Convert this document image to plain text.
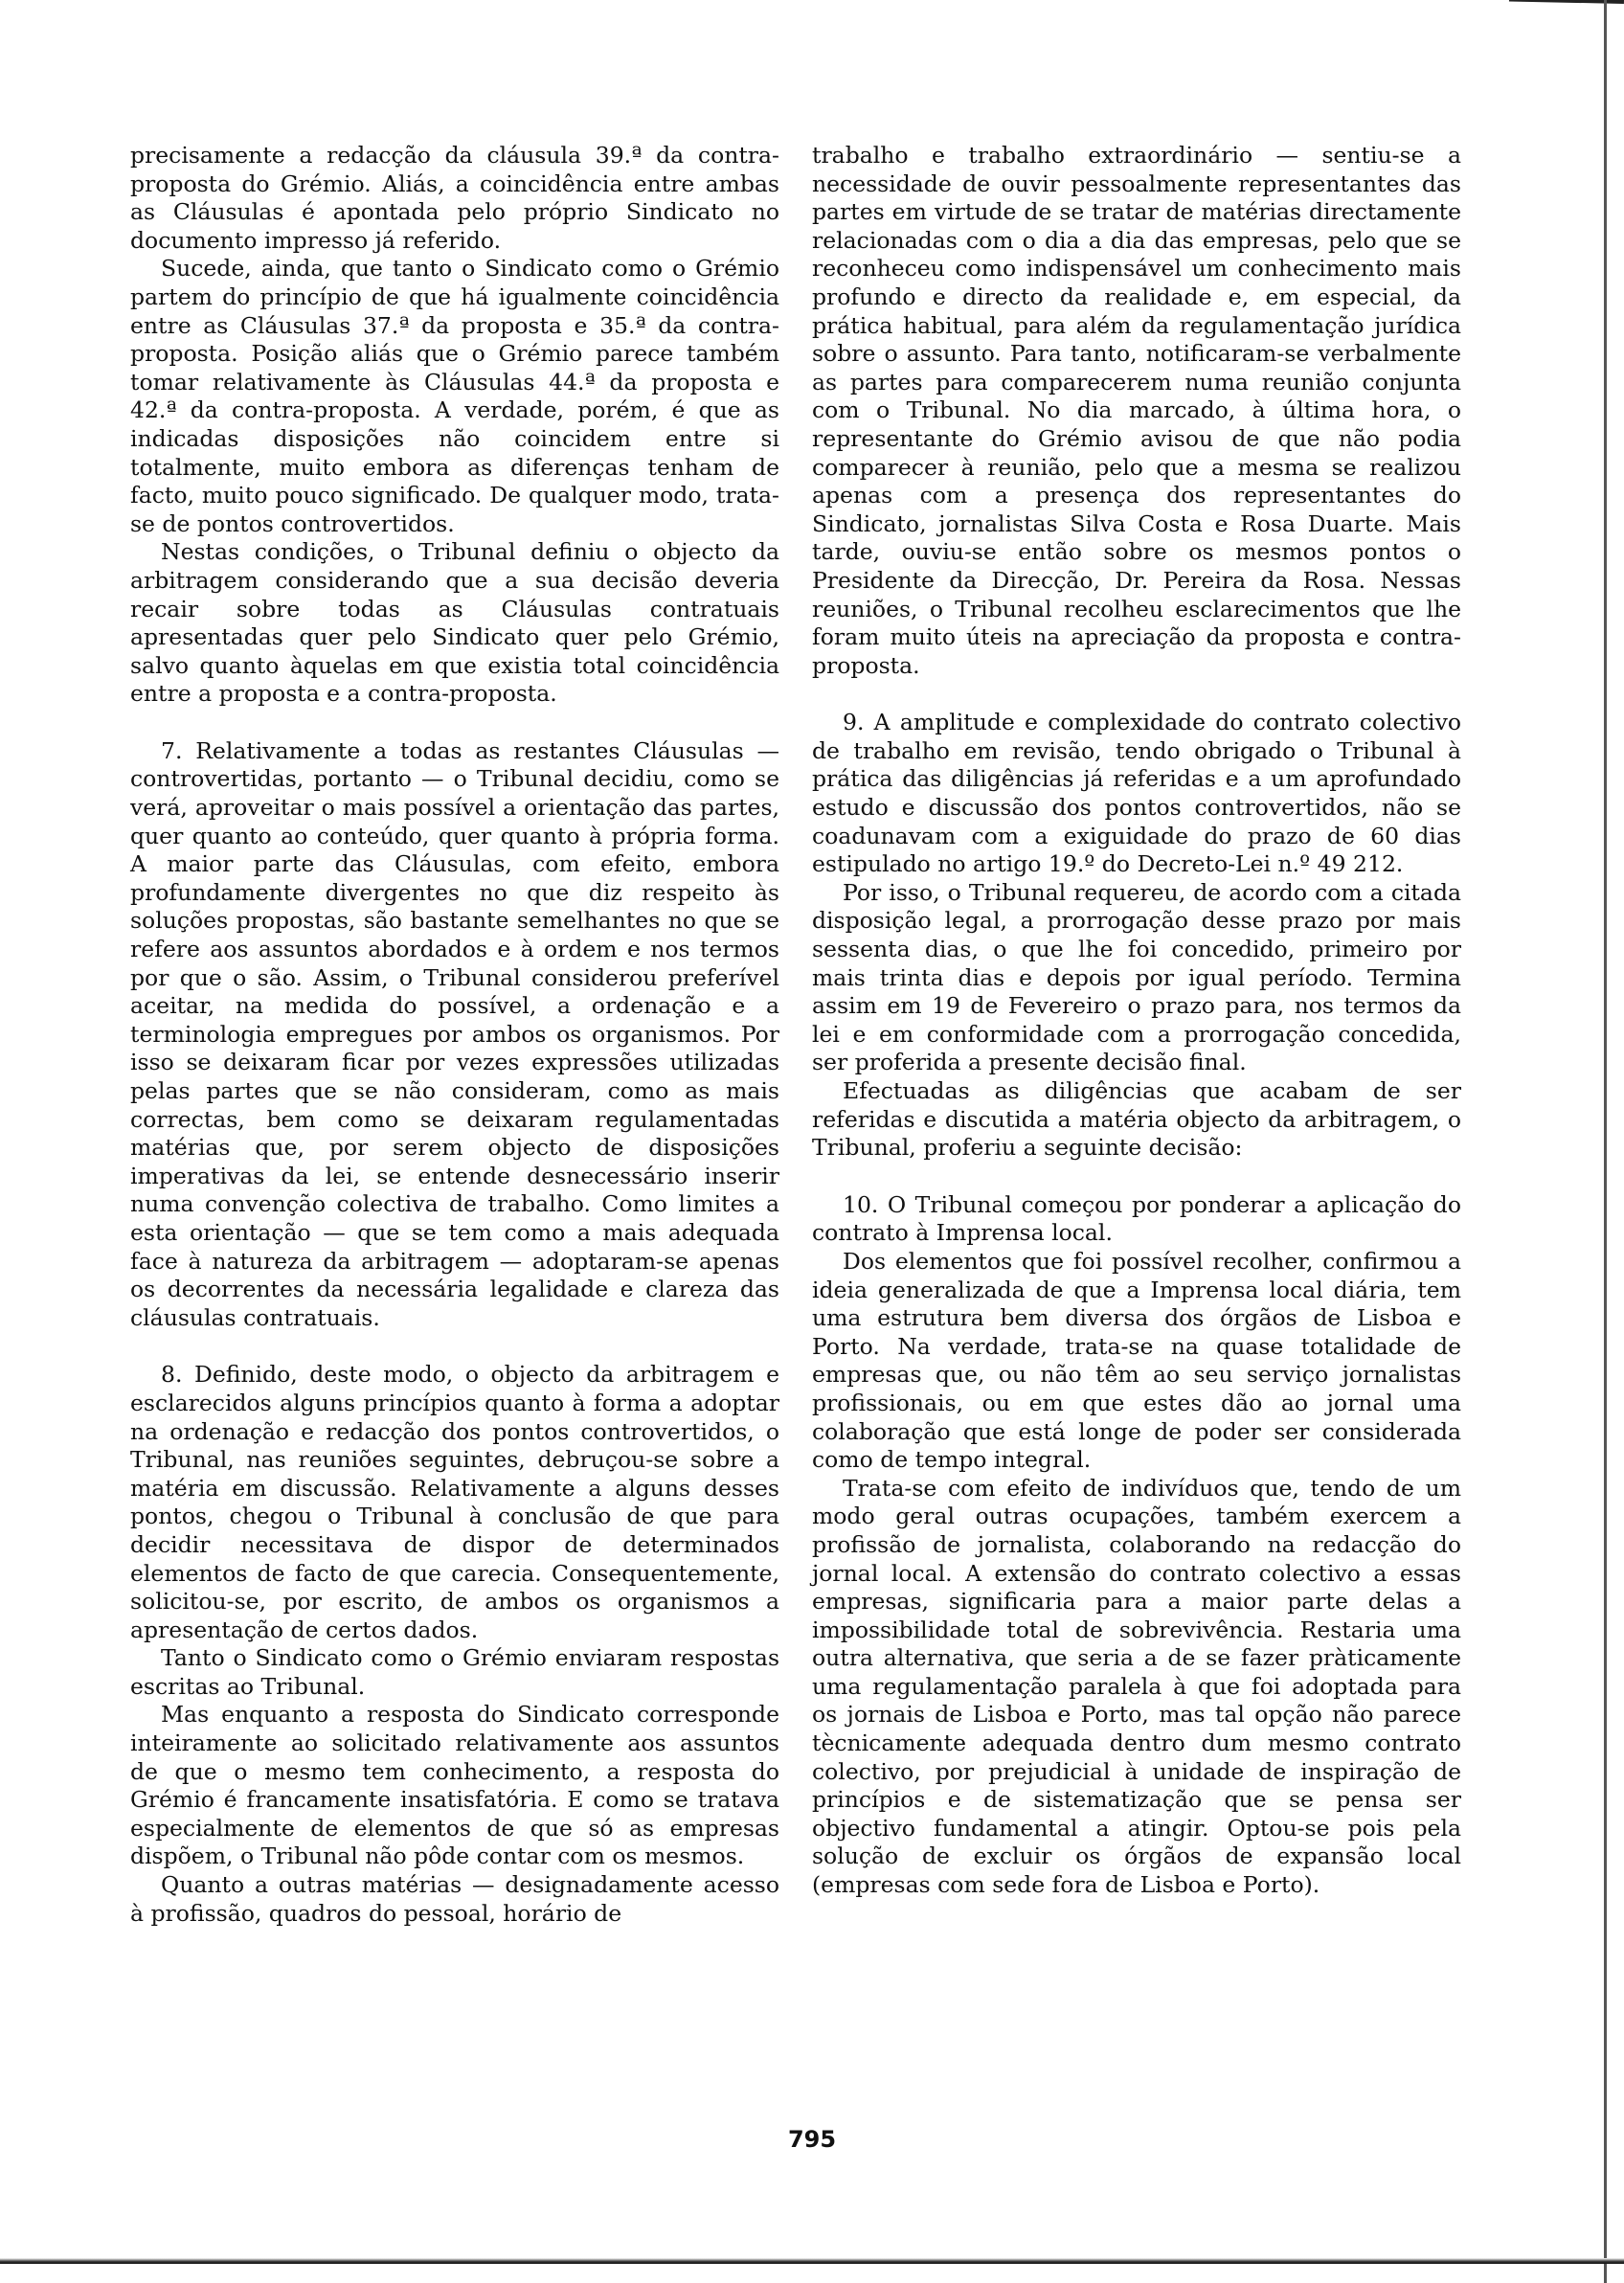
precisamente a redacção da cláusula 39.ª da contra-proposta do Grémio. Aliás, a coincidência entre ambas as Cláusulas é apontada pelo próprio Sindicato no documento impresso já referido.

Sucede, ainda, que tanto o Sindicato como o Grémio partem do princípio de que há igualmente coincidência entre as Cláusulas 37.ª da proposta e 35.ª da contra-proposta. Posição aliás que o Grémio parece também tomar relativamente às Cláusulas 44.ª da proposta e 42.ª da contra-proposta. A verdade, porém, é que as indicadas disposições não coincidem entre si totalmente, muito embora as diferenças tenham de facto, muito pouco significado. De qualquer modo, trata-se de pontos controvertidos.

Nestas condições, o Tribunal definiu o objecto da arbitragem considerando que a sua decisão deveria recair sobre todas as Cláusulas contratuais apresentadas quer pelo Sindicato quer pelo Grémio, salvo quanto àquelas em que existia total coincidência entre a proposta e a contra-proposta.

7. Relativamente a todas as restantes Cláusulas — controvertidas, portanto — o Tribunal decidiu, como se verá, aproveitar o mais possível a orientação das partes, quer quanto ao conteúdo, quer quanto à própria forma. A maior parte das Cláusulas, com efeito, embora profundamente divergentes no que diz respeito às soluções propostas, são bastante semelhantes no que se refere aos assuntos abordados e à ordem e nos termos por que o são. Assim, o Tribunal considerou preferível aceitar, na medida do possível, a ordenação e a terminologia empregues por ambos os organismos. Por isso se deixaram ficar por vezes expressões utilizadas pelas partes que se não consideram, como as mais correctas, bem como se deixaram regulamentadas matérias que, por serem objecto de disposições imperativas da lei, se entende desnecessário inserir numa convenção colectiva de trabalho. Como limites a esta orientação — que se tem como a mais adequada face à natureza da arbitragem — adoptaram-se apenas os decorrentes da necessária legalidade e clareza das cláusulas contratuais.

8. Definido, deste modo, o objecto da arbitragem e esclarecidos alguns princípios quanto à forma a adoptar na ordenação e redacção dos pontos controvertidos, o Tribunal, nas reuniões seguintes, debruçou-se sobre a matéria em discussão. Relativamente a alguns desses pontos, chegou o Tribunal à conclusão de que para decidir necessitava de dispor de determinados elementos de facto de que carecia. Consequentemente, solicitou-se, por escrito, de ambos os organismos a apresentação de certos dados.

Tanto o Sindicato como o Grémio enviaram respostas escritas ao Tribunal.

Mas enquanto a resposta do Sindicato corresponde inteiramente ao solicitado relativamente aos assuntos de que o mesmo tem conhecimento, a resposta do Grémio é francamente insatisfatória. E como se tratava especialmente de elementos de que só as empresas dispõem, o Tribunal não pôde contar com os mesmos.

Quanto a outras matérias — designadamente acesso à profissão, quadros do pessoal, horário de

trabalho e trabalho extraordinário — sentiu-se a necessidade de ouvir pessoalmente representantes das partes em virtude de se tratar de matérias directamente relacionadas com o dia a dia das empresas, pelo que se reconheceu como indispensável um conhecimento mais profundo e directo da realidade e, em especial, da prática habitual, para além da regulamentação jurídica sobre o assunto. Para tanto, notificaram-se verbalmente as partes para comparecerem numa reunião conjunta com o Tribunal. No dia marcado, à última hora, o representante do Grémio avisou de que não podia comparecer à reunião, pelo que a mesma se realizou apenas com a presença dos representantes do Sindicato, jornalistas Silva Costa e Rosa Duarte. Mais tarde, ouviu-se então sobre os mesmos pontos o Presidente da Direcção, Dr. Pereira da Rosa. Nessas reuniões, o Tribunal recolheu esclarecimentos que lhe foram muito úteis na apreciação da proposta e contra-proposta.

9. A amplitude e complexidade do contrato colectivo de trabalho em revisão, tendo obrigado o Tribunal à prática das diligências já referidas e a um aprofundado estudo e discussão dos pontos controvertidos, não se coadunavam com a exiguidade do prazo de 60 dias estipulado no artigo 19.º do Decreto-Lei n.º 49 212.

Por isso, o Tribunal requereu, de acordo com a citada disposição legal, a prorrogação desse prazo por mais sessenta dias, o que lhe foi concedido, primeiro por mais trinta dias e depois por igual período. Termina assim em 19 de Fevereiro o prazo para, nos termos da lei e em conformidade com a prorrogação concedida, ser proferida a presente decisão final.

Efectuadas as diligências que acabam de ser referidas e discutida a matéria objecto da arbitragem, o Tribunal, proferiu a seguinte decisão:

10. O Tribunal começou por ponderar a aplicação do contrato à Imprensa local.

Dos elementos que foi possível recolher, confirmou a ideia generalizada de que a Imprensa local diária, tem uma estrutura bem diversa dos órgãos de Lisboa e Porto. Na verdade, trata-se na quase totalidade de empresas que, ou não têm ao seu serviço jornalistas profissionais, ou em que estes dão ao jornal uma colaboração que está longe de poder ser considerada como de tempo integral.

Trata-se com efeito de indivíduos que, tendo de um modo geral outras ocupações, também exercem a profissão de jornalista, colaborando na redacção do jornal local. A extensão do contrato colectivo a essas empresas, significaria para a maior parte delas a impossibilidade total de sobrevivência. Restaria uma outra alternativa, que seria a de se fazer pràticamente uma regulamentação paralela à que foi adoptada para os jornais de Lisboa e Porto, mas tal opção não parece tècnicamente adequada dentro dum mesmo contrato colectivo, por prejudicial à unidade de inspiração de princípios e de sistematização que se pensa ser objectivo fundamental a atingir. Optou-se pois pela solução de excluir os órgãos de expansão local (empresas com sede fora de Lisboa e Porto).

795
